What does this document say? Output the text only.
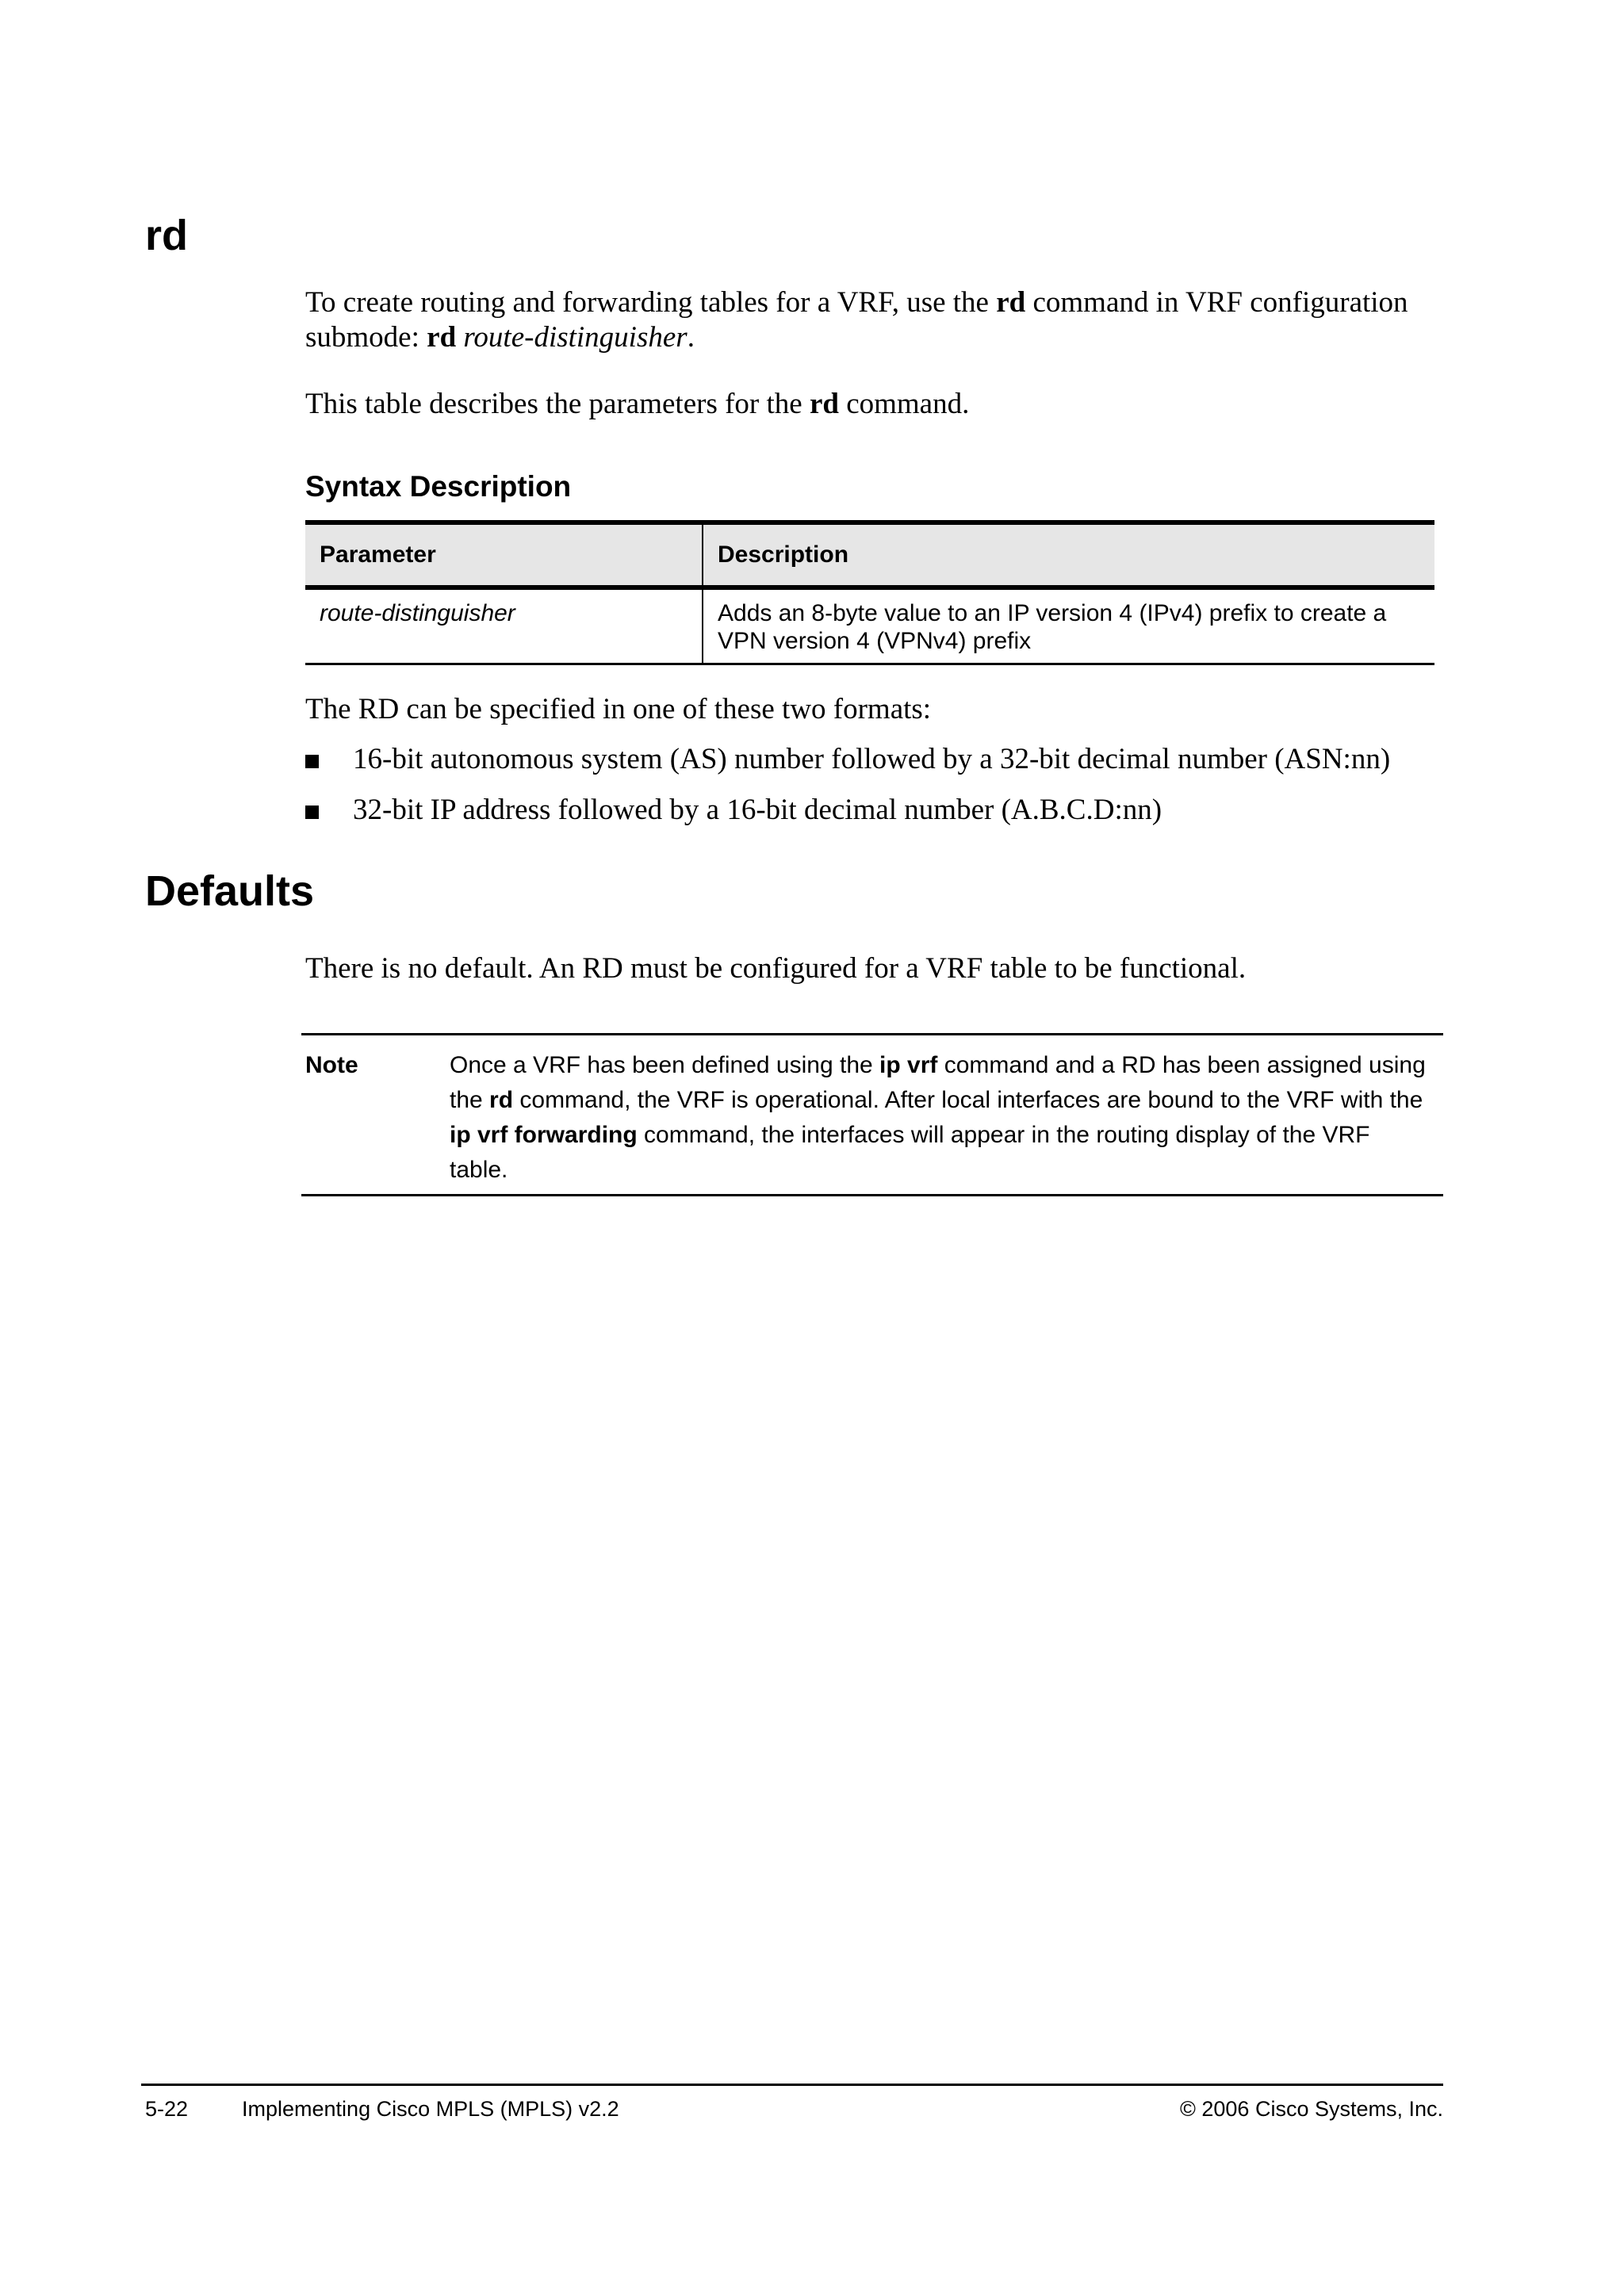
rd

To create routing and forwarding tables for a VRF, use the rd command in VRF configuration submode: rd route-distinguisher.

This table describes the parameters for the rd command.

Syntax Description
Parameter	Description
route-distinguisher	Adds an 8-byte value to an IP version 4 (IPv4) prefix to create a VPN version 4 (VPNv4) prefix

The RD can be specified in one of these two formats:

16-bit autonomous system (AS) number followed by a 32-bit decimal number (ASN:nn)
32-bit IP address followed by a 16-bit decimal number (A.B.C.D:nn)
Defaults

There is no default. An RD must be configured for a VRF table to be functional.

Note	Once a VRF has been defined using the ip vrf command and a RD has been assigned using the rd command, the VRF is operational. After local interfaces are bound to the VRF with the ip vrf forwarding command, the interfaces will appear in the routing display of the VRF table.
5-22	Implementing Cisco MPLS (MPLS) v2.2	© 2006 Cisco Systems, Inc.
